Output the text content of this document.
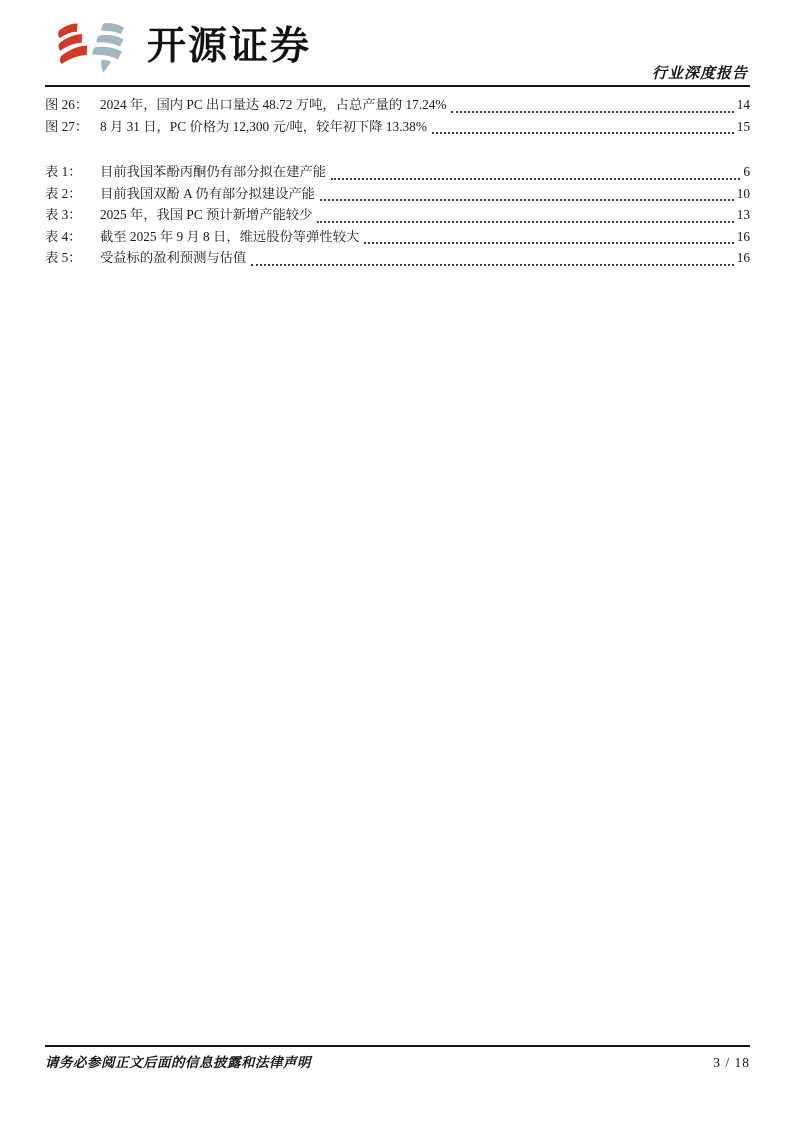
开源证券
行业深度报告
图 26： 2024 年，国内 PC 出口量达 48.72 万吨，占总产量的 17.24%	14
图 27： 8 月 31 日，PC 价格为 12,300 元/吨，较年初下降 13.38%	15
表 1：	目前我国苯酚丙酮仍有部分拟在建产能	6
表 2：	目前我国双酚 A 仍有部分拟建设产能	10
表 3：	2025 年，我国 PC 预计新增产能较少	13
表 4：	截至 2025 年 9 月 8 日，维远股份等弹性较大	16
表 5：	受益标的盈利预测与估值	16
请务必参阅正文后面的信息披露和法律声明	3 / 18
